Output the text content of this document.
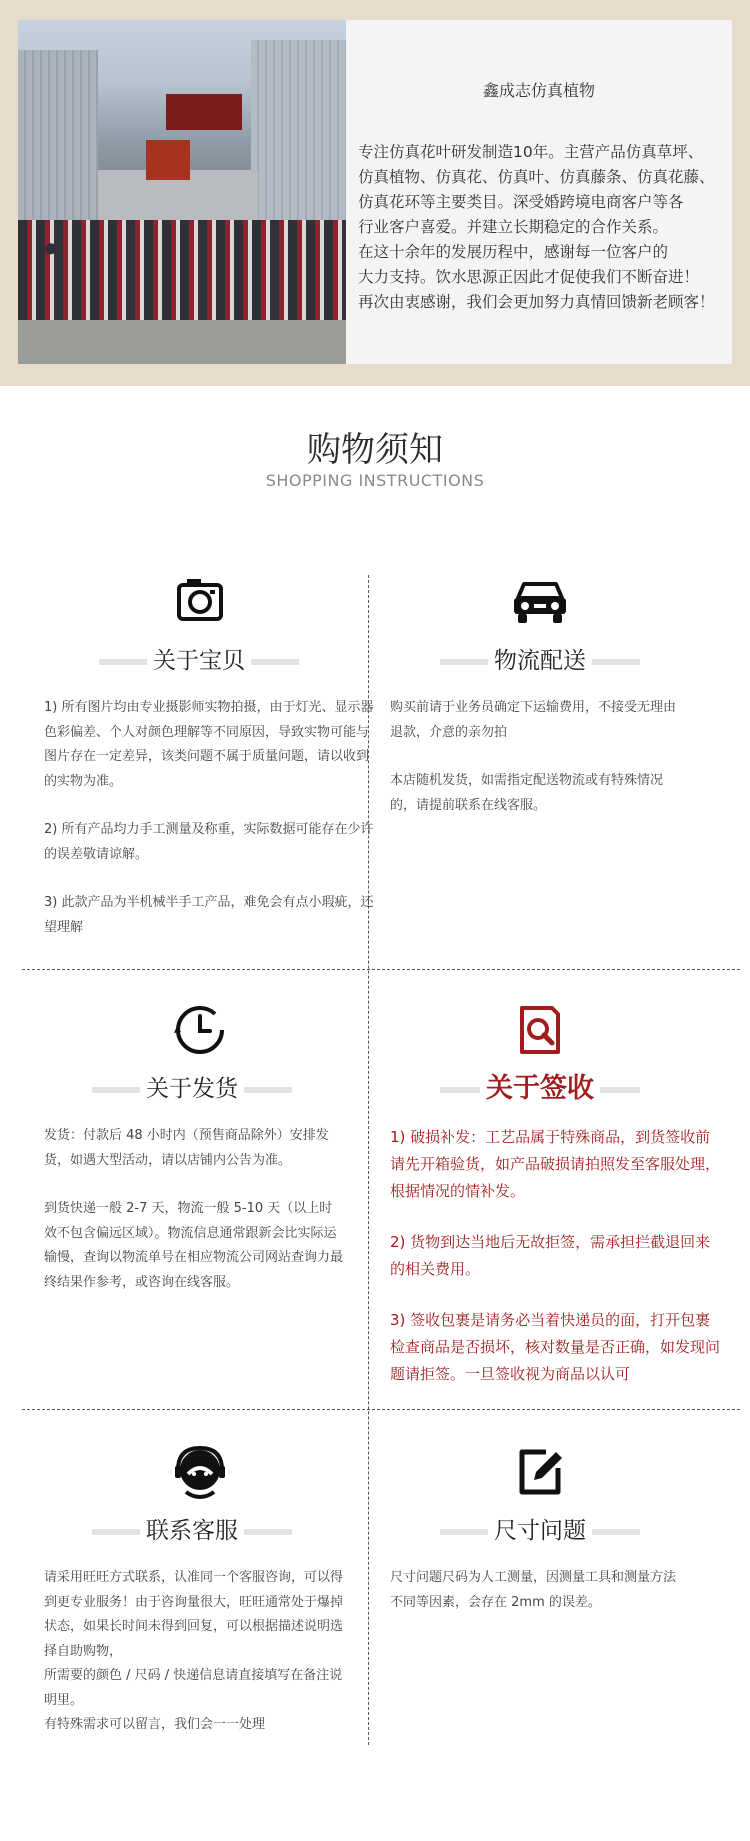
鑫成志仿真植物

专注仿真花叶研发制造10年。主营产品仿真草坪、
仿真植物、仿真花、仿真叶、仿真藤条、仿真花藤、
仿真花环等主要类目。深受婚跨境电商客户等各
行业客户喜爱。并建立长期稳定的合作关系。

在这十余年的发展历程中，感谢每一位客户的
大力支持。饮水思源正因此才促使我们不断奋进！
再次由衷感谢，我们会更加努力真情回馈新老顾客！

购物须知
SHOPPING INSTRUCTIONS
关于宝贝

1) 所有图片均由专业摄影师实物拍摄，由于灯光、显示器色彩偏差、个人对颜色理解等不同原因，导致实物可能与图片存在一定差异，该类问题不属于质量问题，请以收到的实物为准。

2) 所有产品均力手工测量及称重，实际数据可能存在少许的误差敬请谅解。

3) 此款产品为半机械半手工产品，难免会有点小瑕疵，还望理解

物流配送

购买前请于业务员确定下运输费用，不接受无理由退款，介意的亲勿拍

本店随机发货，如需指定配送物流或有特殊情况的，请提前联系在线客服。

关于发货

发货：付款后 48 小时内（预售商品除外）安排发货，如遇大型活动，请以店铺内公告为准。

到货快递一般 2-7 天，物流一般 5-10 天（以上时效不包含偏远区域）。物流信息通常跟新会比实际运输慢，查询以物流单号在相应物流公司网站查询力最终结果作参考，或咨询在线客服。

关于签收

1) 破损补发：工艺品属于特殊商品，到货签收前请先开箱验货，如产品破损请拍照发至客服处理，根据情况的情补发。

2) 货物到达当地后无故拒签，需承担拦截退回来的相关费用。

3) 签收包裹是请务必当着快递员的面，打开包裹检查商品是否损坏，核对数量是否正确，如发现问题请拒签。一旦签收视为商品以认可

联系客服

请采用旺旺方式联系，认准同一个客服咨询，可以得到更专业服务！由于咨询量很大，旺旺通常处于爆掉状态，如果长时间未得到回复，可以根据描述说明选择自助购物，

所需要的颜色 / 尺码 / 快递信息请直接填写在备注说明里。

有特殊需求可以留言，我们会一一处理

尺寸问题

尺寸问题尺码为人工测量，因测量工具和测量方法不同等因素，会存在 2mm 的误差。
